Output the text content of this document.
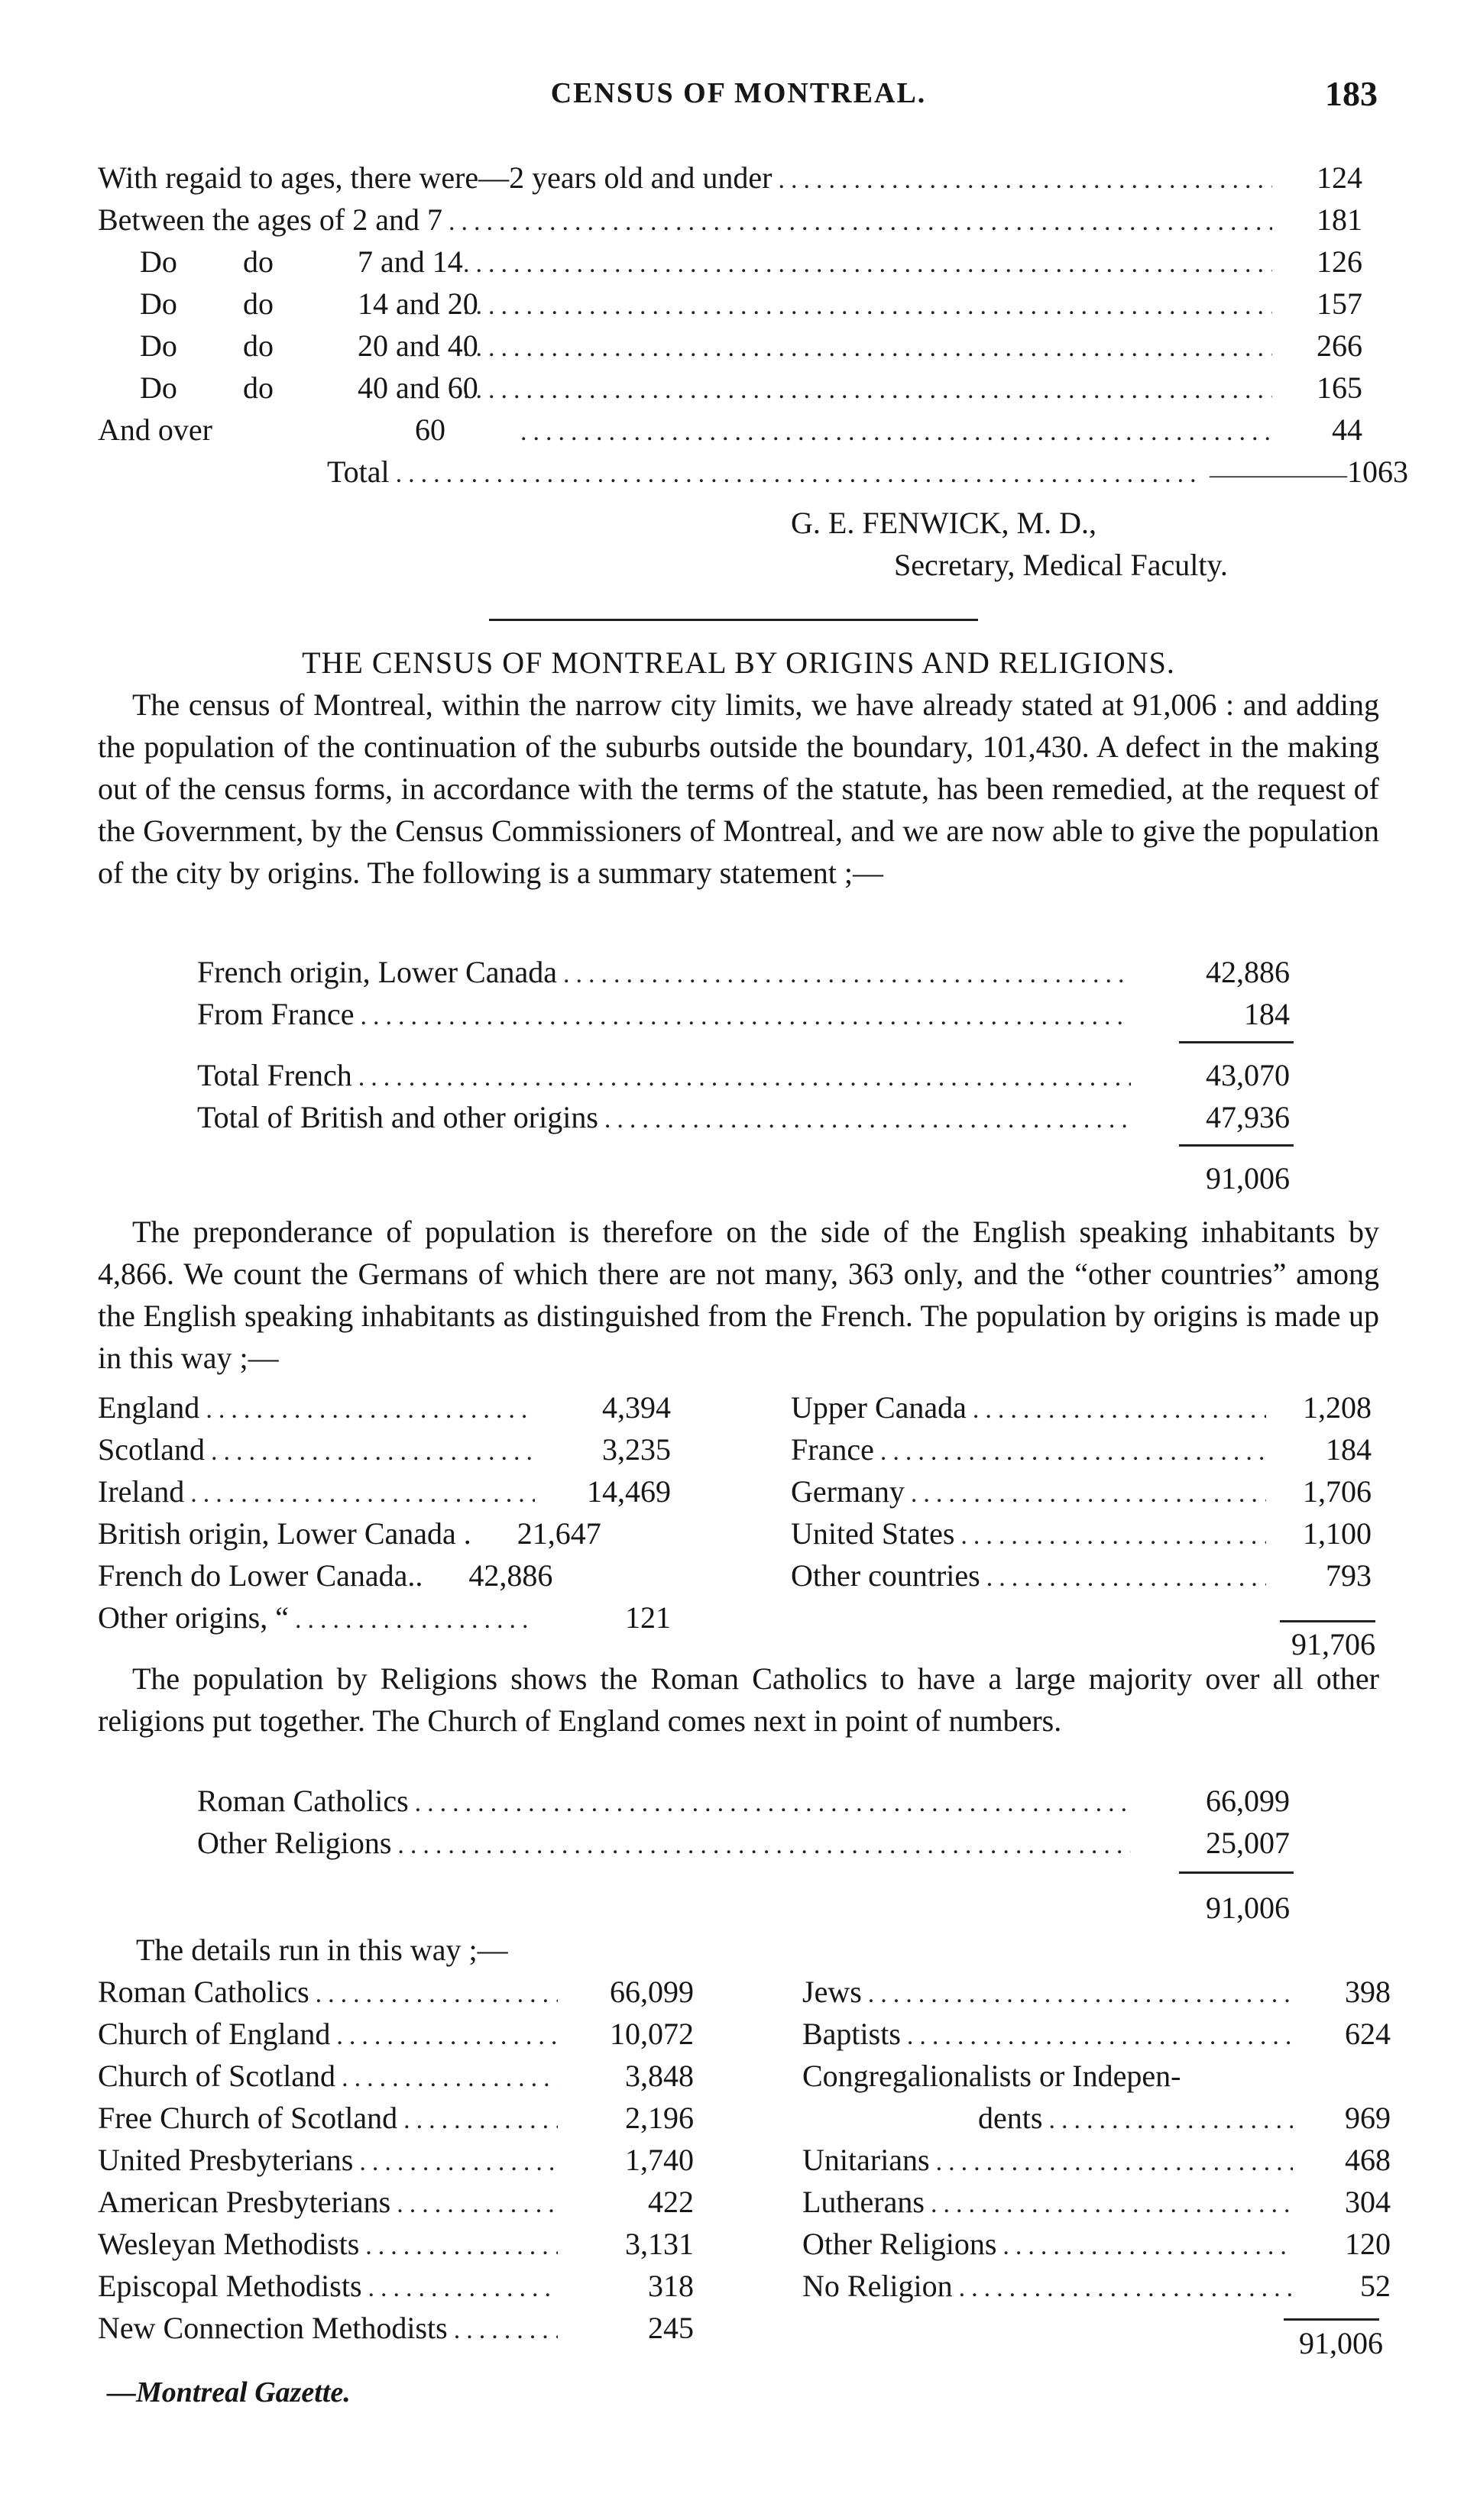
CENSUS OF MONTREAL.	183
With regaid to ages, there were—2 years old and under .....	124
Between the ages of 2 and 7 .....	181
Do	do	7 and 14 .....	126
Do	do	14 and 20 .....	157
Do	do	20 and 40 .....	266
Do	do	40 and 60 .....	165
And over	60 .....	44
Total ..... ———	——— 1063
G. E. FENWICK, M. D.,
Secretary, Medical Faculty.
THE CENSUS OF MONTREAL BY ORIGINS AND RELIGIONS.
The census of Montreal, within the narrow city limits, we have already stated at 91,006 : and adding the population of the continuation of the suburbs outside the boundary, 101,430. A defect in the making out of the census forms, in accordance with the terms of the statute, has been remedied, at the request of the Government, by the Census Commissioners of Montreal, and we are now able to give the population of the city by origins. The following is a summary statement ;—
French origin, Lower Canada .....	42,886
From France .....	184
Total French .....	43,070
Total of British and other origins .....	47,936
91,006
The preponderance of population is therefore on the side of the English speaking inhabitants by 4,866. We count the Germans of which there are not many, 363 only, and the “other countries” among the English speaking inhabitants as distinguished from the French. The population by origins is made up in this way ;—
England .....	4,394
Scotland .....	3,235
Ireland .....	14,469
British origin, Lower Canada .	21,647
French do Lower Canada..	42,886
Other origins, “ .....	121
Upper Canada .....	1,208
France .....	184
Germany .....	1,706
United States .....	1,100
Other countries .....	793
91,706
The population by Religions shows the Roman Catholics to have a large majority over all other religions put together. The Church of England comes next in point of numbers.
Roman Catholics .....	66,099
Other Religions .....	25,007
91,006
The details run in this way ;—
Roman Catholics .....	66,099
Church of England .....	10,072
Church of Scotland .....	3,848
Free Church of Scotland .....	2,196
United Presbyterians .....	1,740
American Presbyterians .....	422
Wesleyan Methodists .....	3,131
Episcopal Methodists .....	318
New Connection Methodists .....	245
Jews .....	398
Baptists .....	624
Congregalionalists or Indepen-
dents .....	969
Unitarians .....	468
Lutherans .....	304
Other Religions .....	120
No Religion .....	52
91,006
—Montreal Gazette.
